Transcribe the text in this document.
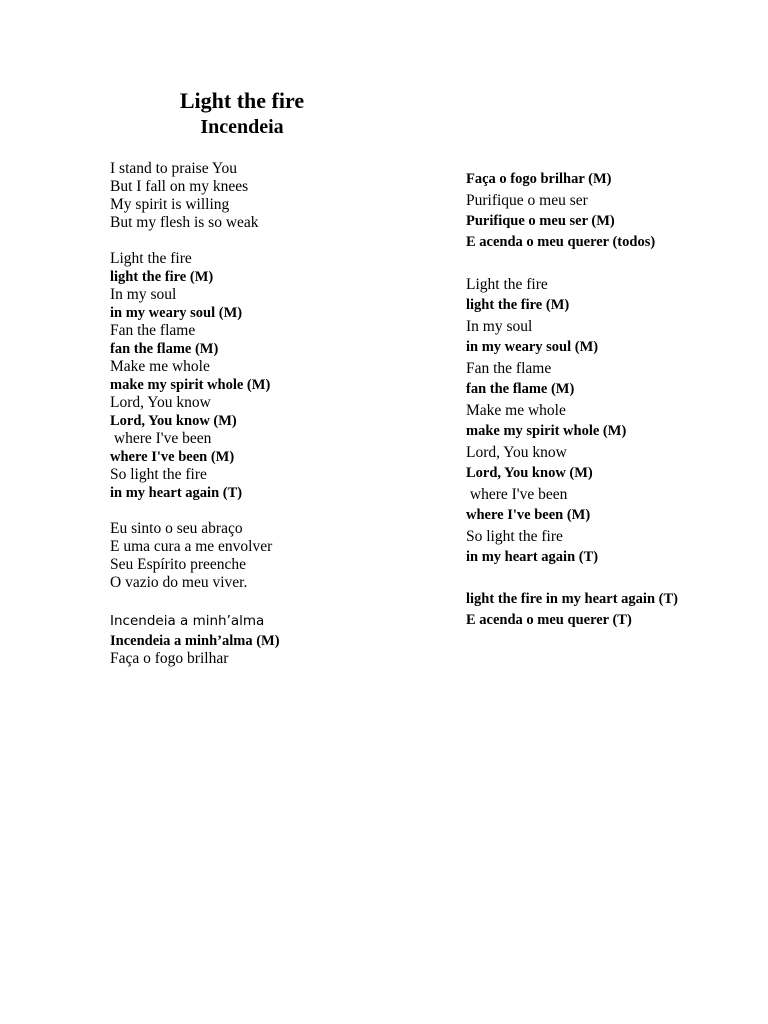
Light the fire
Incendeia
I stand to praise You
But I fall on my knees
My spirit is willing
But my flesh is so weak
Light the fire
light the fire (M)
In my soul
in my weary soul (M)
Fan the flame
fan the flame (M)
Make me whole
make my spirit whole (M)
Lord, You know
Lord, You know (M)
where I've been
where I've been (M)
So light the fire
in my heart again (T)
Eu sinto o seu abraço
E uma cura a me envolver
Seu Espírito preenche
O vazio do meu viver.
Incendeia a minh’alma
Incendeia a minh’alma (M)
Faça o fogo brilhar
Faça o fogo brilhar (M)
Purifique o meu ser
Purifique o meu ser (M)
E acenda o meu querer (todos)
Light the fire
light the fire (M)
In my soul
in my weary soul (M)
Fan the flame
fan the flame (M)
Make me whole
make my spirit whole (M)
Lord, You know
Lord, You know (M)
where I've been
where I've been (M)
So light the fire
in my heart again (T)
light the fire in my heart again (T)
E acenda o meu querer (T)
